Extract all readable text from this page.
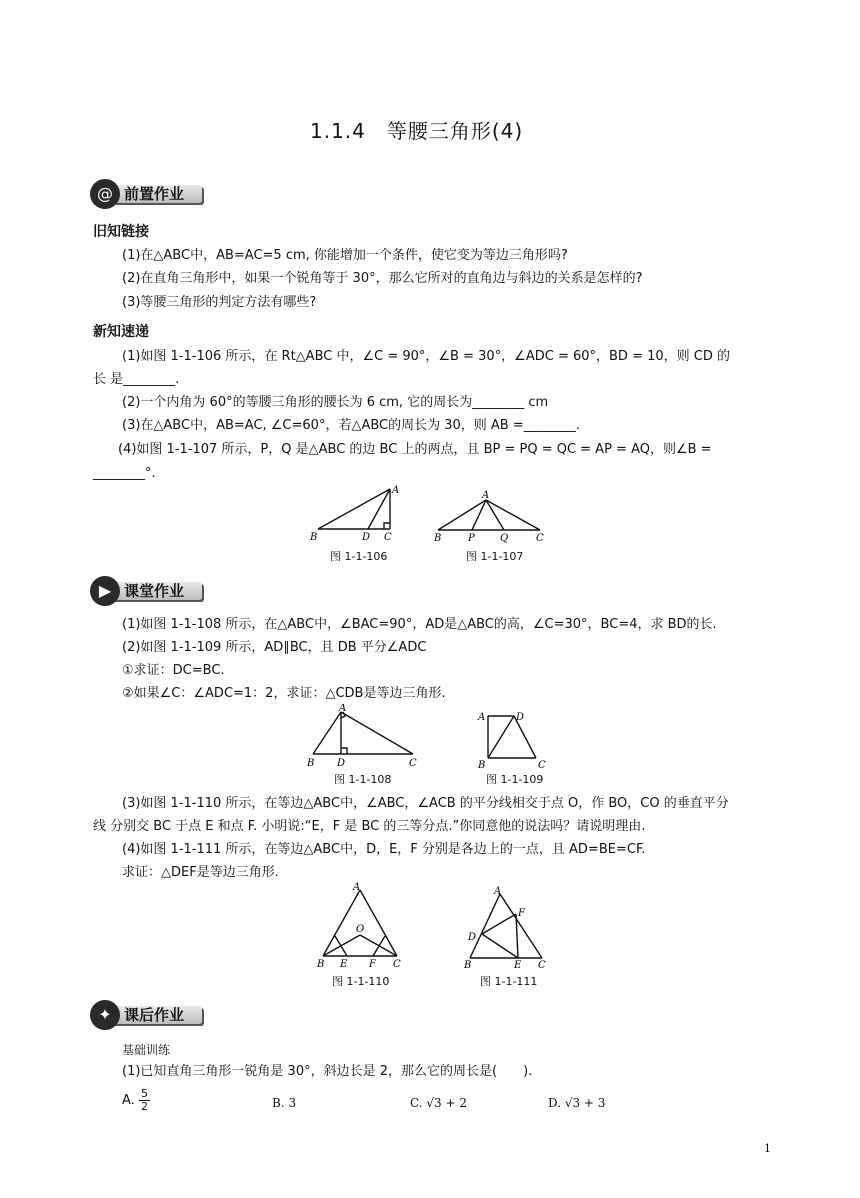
1.1.4　等腰三角形(4)
@ 前置作业
旧知链接
(1)在△ABC中，AB=AC=5 cm, 你能增加一个条件，使它变为等边三角形吗?
(2)在直角三角形中，如果一个锐角等于 30°，那么它所对的直角边与斜边的关系是怎样的?
(3)等腰三角形的判定方法有哪些?
新知速递
(1)如图 1-1-106 所示，在 Rt△ABC 中，∠C = 90°，∠B = 30°，∠ADC = 60°，BD = 10，则 CD 的
长 是________.
(2)一个内角为 60°的等腰三角形的腰长为 6 cm, 它的周长为________ cm
(3)在△ABC中，AB=AC, ∠C=60°，若△ABC的周长为 30，则 AB =________.
(4)如图 1-1-107 所示，P，Q 是△ABC 的边 BC 上的两点，且 BP = PQ = QC = AP = AQ，则∠B =
________°.
B	D C
A
图 1-1-106
A
B	P	Q	C
图 1-1-107
▶ 课堂作业
(1)如图 1-1-108 所示，在△ABC中，∠BAC=90°，AD是△ABC的高，∠C=30°，BC=4，求 BD的长.
(2)如图 1-1-109 所示，AD∥BC，且 DB 平分∠ADC
①求证：DC=BC.
②如果∠C：∠ADC=1：2，求证：△CDB是等边三角形.
A
B D	C
图 1-1-108
A	D
B	C
图 1-1-109
(3)如图 1-1-110 所示，在等边△ABC中，∠ABC，∠ACB 的平分线相交于点 O，作 BO，CO 的垂直平分
线 分别交 BC 于点 E 和点 F. 小明说:“E，F 是 BC 的三等分点.”你同意他的说法吗？请说明理由.
(4)如图 1-1-111 所示，在等边△ABC中，D，E，F 分别是各边上的一点，且 AD=BE=CF.
求证：△DEF是等边三角形.
A
O
B E F C
图 1-1-110
A
F
D
B	E C
图 1-1-111
✦ 课后作业
基础训练
(1)已知直角三角形一锐角是 30°，斜边长是 2，那么它的周长是(　　).
A. $\frac{5}{2}$	B. 3	C. √3 + 2	D. √3 + 3
1
